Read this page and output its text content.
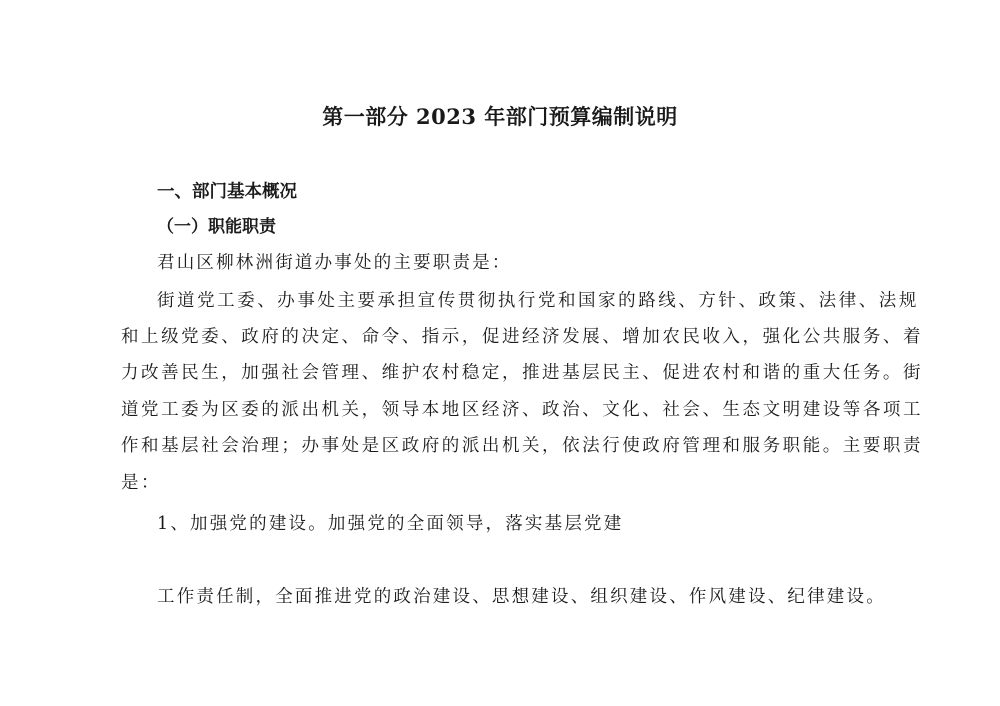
第一部分 2023 年部门预算编制说明
一、部门基本概况
（一）职能职责

君山区柳林洲街道办事处的主要职责是：

街道党工委、办事处主要承担宣传贯彻执行党和国家的路线、方针、政策、法律、法规

和上级党委、政府的决定、命令、指示，促进经济发展、增加农民收入，强化公共服务、着

力改善民生，加强社会管理、维护农村稳定，推进基层民主、促进农村和谐的重大任务。街

道党工委为区委的派出机关，领导本地区经济、政治、文化、社会、生态文明建设等各项工

作和基层社会治理；办事处是区政府的派出机关，依法行使政府管理和服务职能。主要职责

是：

1、加强党的建设。加强党的全面领导，落实基层党建

工作责任制，全面推进党的政治建设、思想建设、组织建设、作风建设、纪律建设。
